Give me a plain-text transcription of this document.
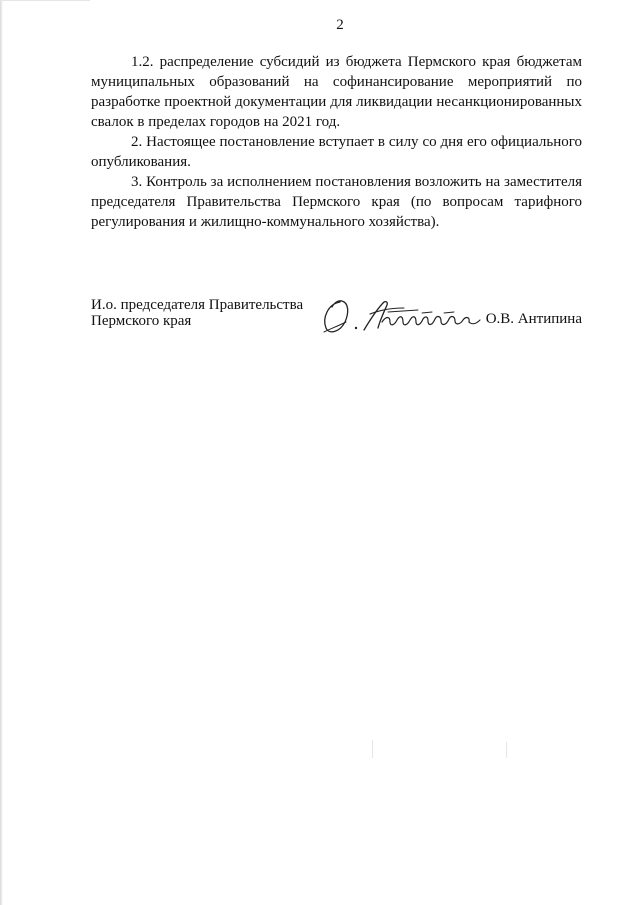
2

1.2. распределение субсидий из бюджета Пермского края бюджетам муниципальных образований на софинансирование мероприятий по разработке проектной документации для ликвидации несанкционированных свалок в пределах городов на 2021 год.

2. Настоящее постановление вступает в силу со дня его официального опубликования.

3. Контроль за исполнением постановления возложить на заместителя председателя Правительства Пермского края (по вопросам тарифного регулирования и жилищно-коммунального хозяйства).

И.о. председателя Правительства
Пермского края	О.В. Антипина
